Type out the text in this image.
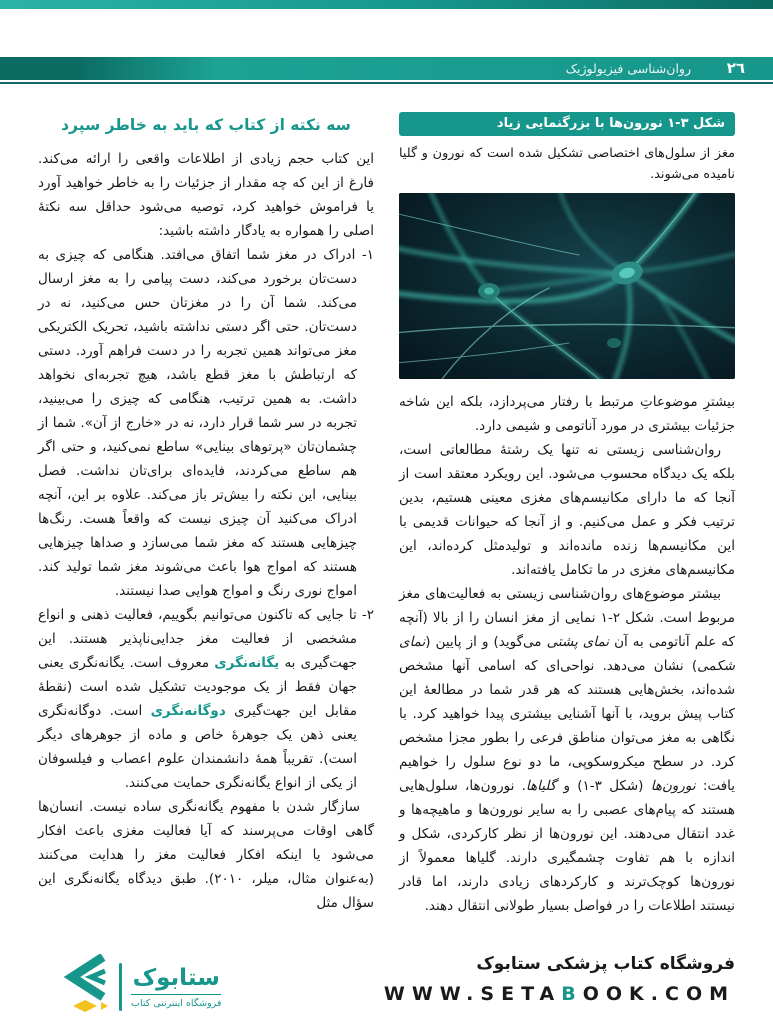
٢٦
روان‌شناسی فیزیولوژیک
شکل ٣-١ نورون‌ها با بزرگنمایی زیاد

مغز از سلول‌های اختصاصی تشکیل شده است که نورون و گلیا نامیده می‌شوند.

بیشترِ موضوعاتِ مرتبط با رفتار می‌پردازد، بلکه این شاخه جزئیات بیشتری در مورد آناتومی و شیمی دارد.

روان‌شناسی زیستی نه تنها یک رشتهٔ مطالعاتی است، بلکه یک دیدگاه محسوب می‌شود. این رویکرد معتقد است از آنجا که ما دارای مکانیسم‌های مغزی معینی هستیم، بدین ترتیب فکر و عمل می‌کنیم. و از آنجا که حیوانات قدیمی با این مکانیسم‌ها زنده مانده‌اند و تولیدمثل کرده‌اند، این مکانیسم‌های مغزی در ما تکامل یافته‌اند.

بیشتر موضوع‌های روان‌شناسی زیستی به فعالیت‌های مغز مربوط است. شکل ٢-١ نمایی از مغز انسان را از بالا (آنچه که علم آناتومی به آن نمای پشتی می‌گوید) و از پایین (نمای شکمی) نشان می‌دهد. نواحی‌ای که اسامی آنها مشخص شده‌اند، بخش‌هایی هستند که هر قدر شما در مطالعهٔ این کتاب پیش بروید، با آنها آشنایی بیشتری پیدا خواهید کرد. با نگاهی به مغز می‌توان مناطق فرعی را بطور مجزا مشخص کرد. در سطح میکروسکوپی، ما دو نوع سلول را خواهیم یافت: نورون‌ها (شکل ٣-١) و گلیاها. نورون‌ها، سلول‌هایی هستند که پیام‌های عصبی را به سایر نورون‌ها و ماهیچه‌ها و غدد انتقال می‌دهند. این نورون‌ها از نظر کارکردی، شکل و اندازه با هم تفاوت چشمگیری دارند. گلیاها معمولاً از نورون‌ها کوچک‌ترند و کارکردهای زیادی دارند، اما قادر نیستند اطلاعات را در فواصل بسیار طولانی انتقال دهند.

سه نکته از کتاب که باید به خاطر سپرد

این کتاب حجم زیادی از اطلاعات واقعی را ارائه می‌کند. فارغ از این که چه مقدار از جزئیات را به خاطر خواهید آورد یا فراموش خواهید کرد، توصیه می‌شود حداقل سه نکتهٔ اصلی را همواره به یادگار داشته باشید:

١- ادراک در مغز شما اتفاق می‌افتد. هنگامی که چیزی به دست‌تان برخورد می‌کند، دست پیامی را به مغز ارسال می‌کند. شما آن را در مغزتان حس می‌کنید، نه در دست‌تان. حتی اگر دستی نداشته باشید، تحریک الکتریکی مغز می‌تواند همین تجربه را در دست فراهم آورد. دستی که ارتباطش با مغز قطع باشد، هیچ تجربه‌ای نخواهد داشت. به همین ترتیب، هنگامی که چیزی را می‌بینید، تجربه در سر شما قرار دارد، نه در «خارج از آن». شما از چشمان‌تان «پرتوهای بینایی» ساطع نمی‌کنید، و حتی اگر هم ساطع می‌کردند، فایده‌ای برای‌تان نداشت. فصل بینایی، این نکته را بیش‌تر باز می‌کند. علاوه بر این، آنچه ادراک می‌کنید آن چیزی نیست که واقعاً هست. رنگ‌ها چیزهایی هستند که مغز شما می‌سازد و صداها چیزهایی هستند که امواج هوا باعث می‌شوند مغز شما تولید کند. امواج نوری رنگ و امواج هوایی صدا نیستند.

٢- تا جایی که تاکنون می‌توانیم بگوییم، فعالیت ذهنی و انواع مشخصی از فعالیت مغز جدایی‌ناپذیر هستند. این جهت‌گیری به یگانه‌نگری معروف است. یگانه‌نگری یعنی جهان فقط از یک موجودیت تشکیل شده است (نقطهٔ مقابل این جهت‌گیری دوگانه‌نگری است. دوگانه‌نگری یعنی ذهن یک جوهرهٔ خاص و ماده از جوهرهای دیگر است). تقریباً همهٔ دانشمندان علوم اعصاب و فیلسوفان از یکی از انواع یگانه‌نگری حمایت می‌کنند.

سازگار شدن با مفهوم یگانه‌نگری ساده نیست. انسان‌ها گاهی اوقات می‌پرسند که آیا فعالیت مغزی باعث افکار می‌شود یا اینکه افکار فعالیت مغز را هدایت می‌کنند (به‌عنوان مثال، میلر، ٢٠١٠). طبق دیدگاه یگانه‌نگری این سؤال مثل

فروشگاه کتاب پزشکی ستابوک
WWW.SETABOOK.COM
ستابوک
فروشگاه اینترنتی کتاب
